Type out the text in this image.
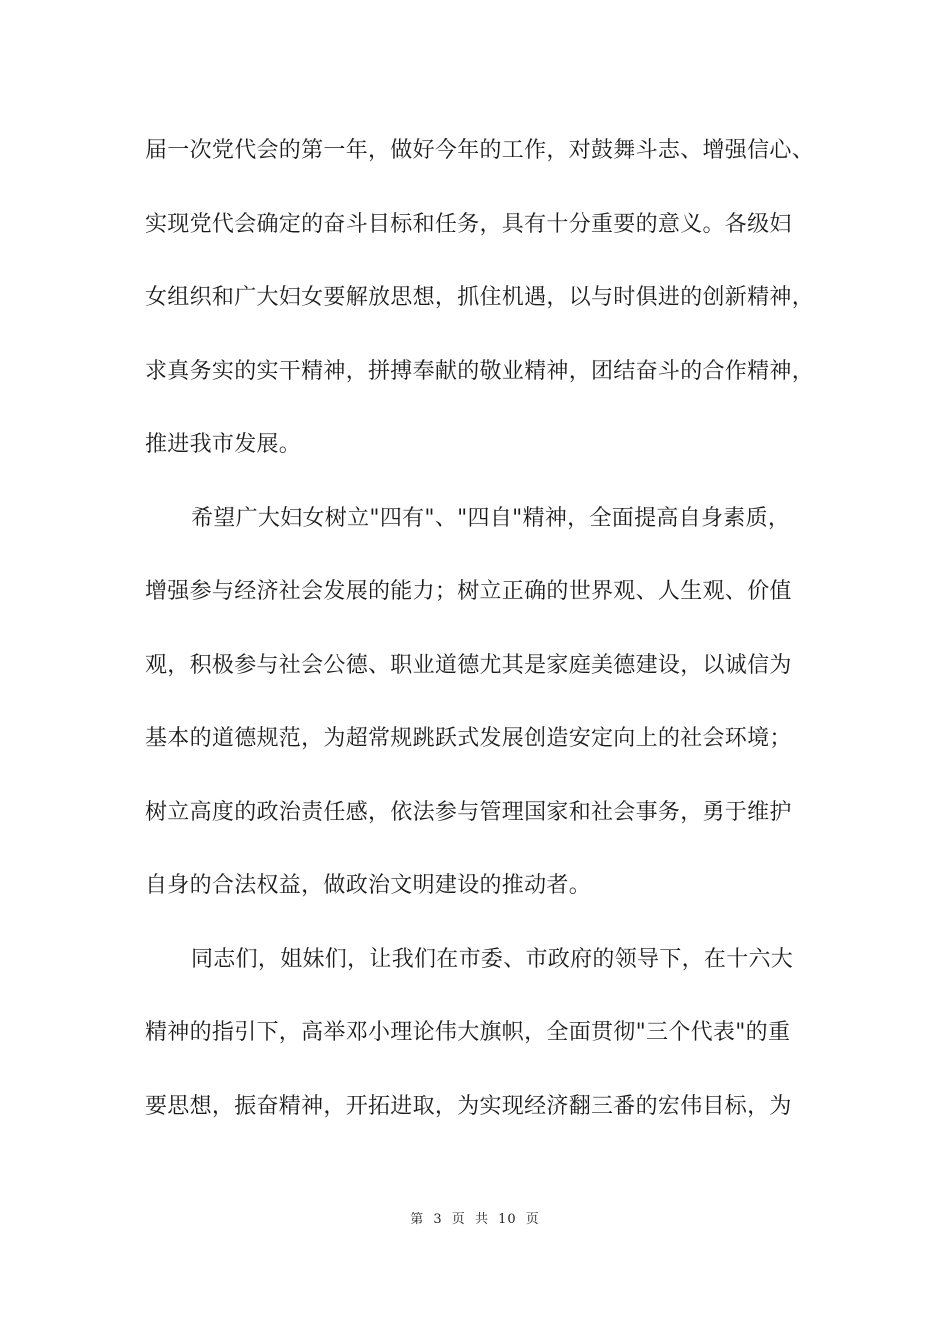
届一次党代会的第一年，做好今年的工作，对鼓舞斗志、增强信心、
实现党代会确定的奋斗目标和任务，具有十分重要的意义。各级妇
女组织和广大妇女要解放思想，抓住机遇，以与时俱进的创新精神，
求真务实的实干精神，拼搏奉献的敬业精神，团结奋斗的合作精神，
推进我市发展。
希望广大妇女树立"四有"、"四自"精神，全面提高自身素质，
增强参与经济社会发展的能力；树立正确的世界观、人生观、价值
观，积极参与社会公德、职业道德尤其是家庭美德建设，以诚信为
基本的道德规范，为超常规跳跃式发展创造安定向上的社会环境；
树立高度的政治责任感，依法参与管理国家和社会事务，勇于维护
自身的合法权益，做政治文明建设的推动者。
同志们，姐妹们，让我们在市委、市政府的领导下，在十六大
精神的指引下，高举邓小理论伟大旗帜，全面贯彻"三个代表"的重
要思想，振奋精神，开拓进取，为实现经济翻三番的宏伟目标，为
第 3 页 共 10 页
